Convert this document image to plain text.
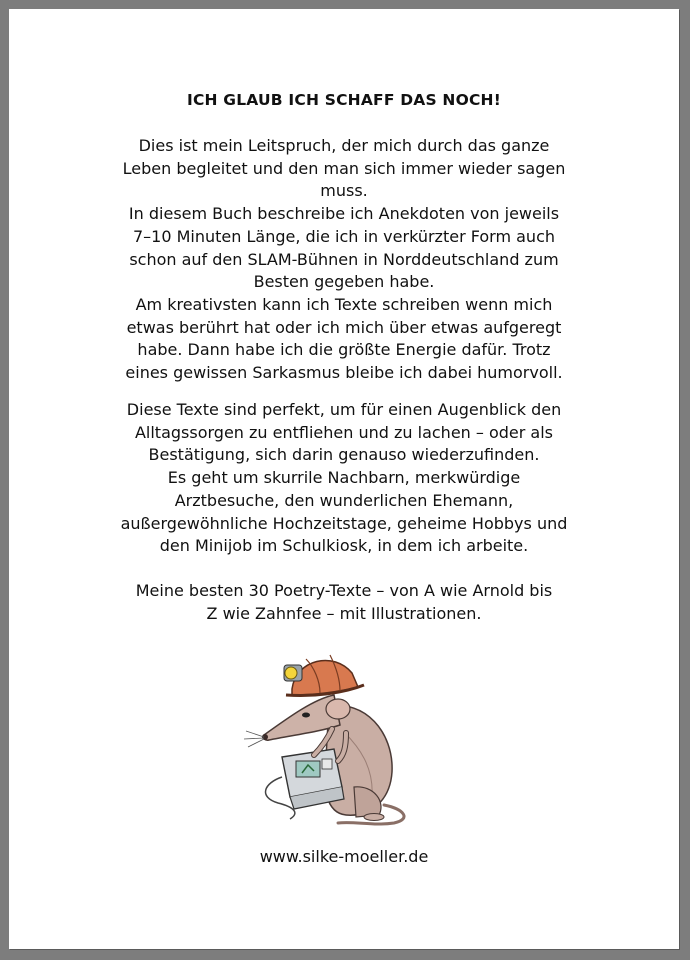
ICH GLAUB ICH SCHAFF DAS NOCH!
Dies ist mein Leitspruch, der mich durch das ganze
Leben begleitet und den man sich immer wieder sagen
muss.
In diesem Buch beschreibe ich Anekdoten von jeweils
7–10 Minuten Länge, die ich in verkürzter Form auch
schon auf den SLAM-Bühnen in Norddeutschland zum
Besten gegeben habe.
Am kreativsten kann ich Texte schreiben wenn mich
etwas berührt hat oder ich mich über etwas aufgeregt
habe. Dann habe ich die größte Energie dafür. Trotz
eines gewissen Sarkasmus bleibe ich dabei humorvoll.
Diese Texte sind perfekt, um für einen Augenblick den
Alltagssorgen zu entfliehen und zu lachen – oder als
Bestätigung, sich darin genauso wiederzufinden.
Es geht um skurrile Nachbarn, merkwürdige
Arztbesuche, den wunderlichen Ehemann,
außergewöhnliche Hochzeitstage, geheime Hobbys und
den Minijob im Schulkiosk, in dem ich arbeite.
Meine besten 30 Poetry-Texte – von A wie Arnold bis
Z wie Zahnfee – mit Illustrationen.
www.silke-moeller.de
